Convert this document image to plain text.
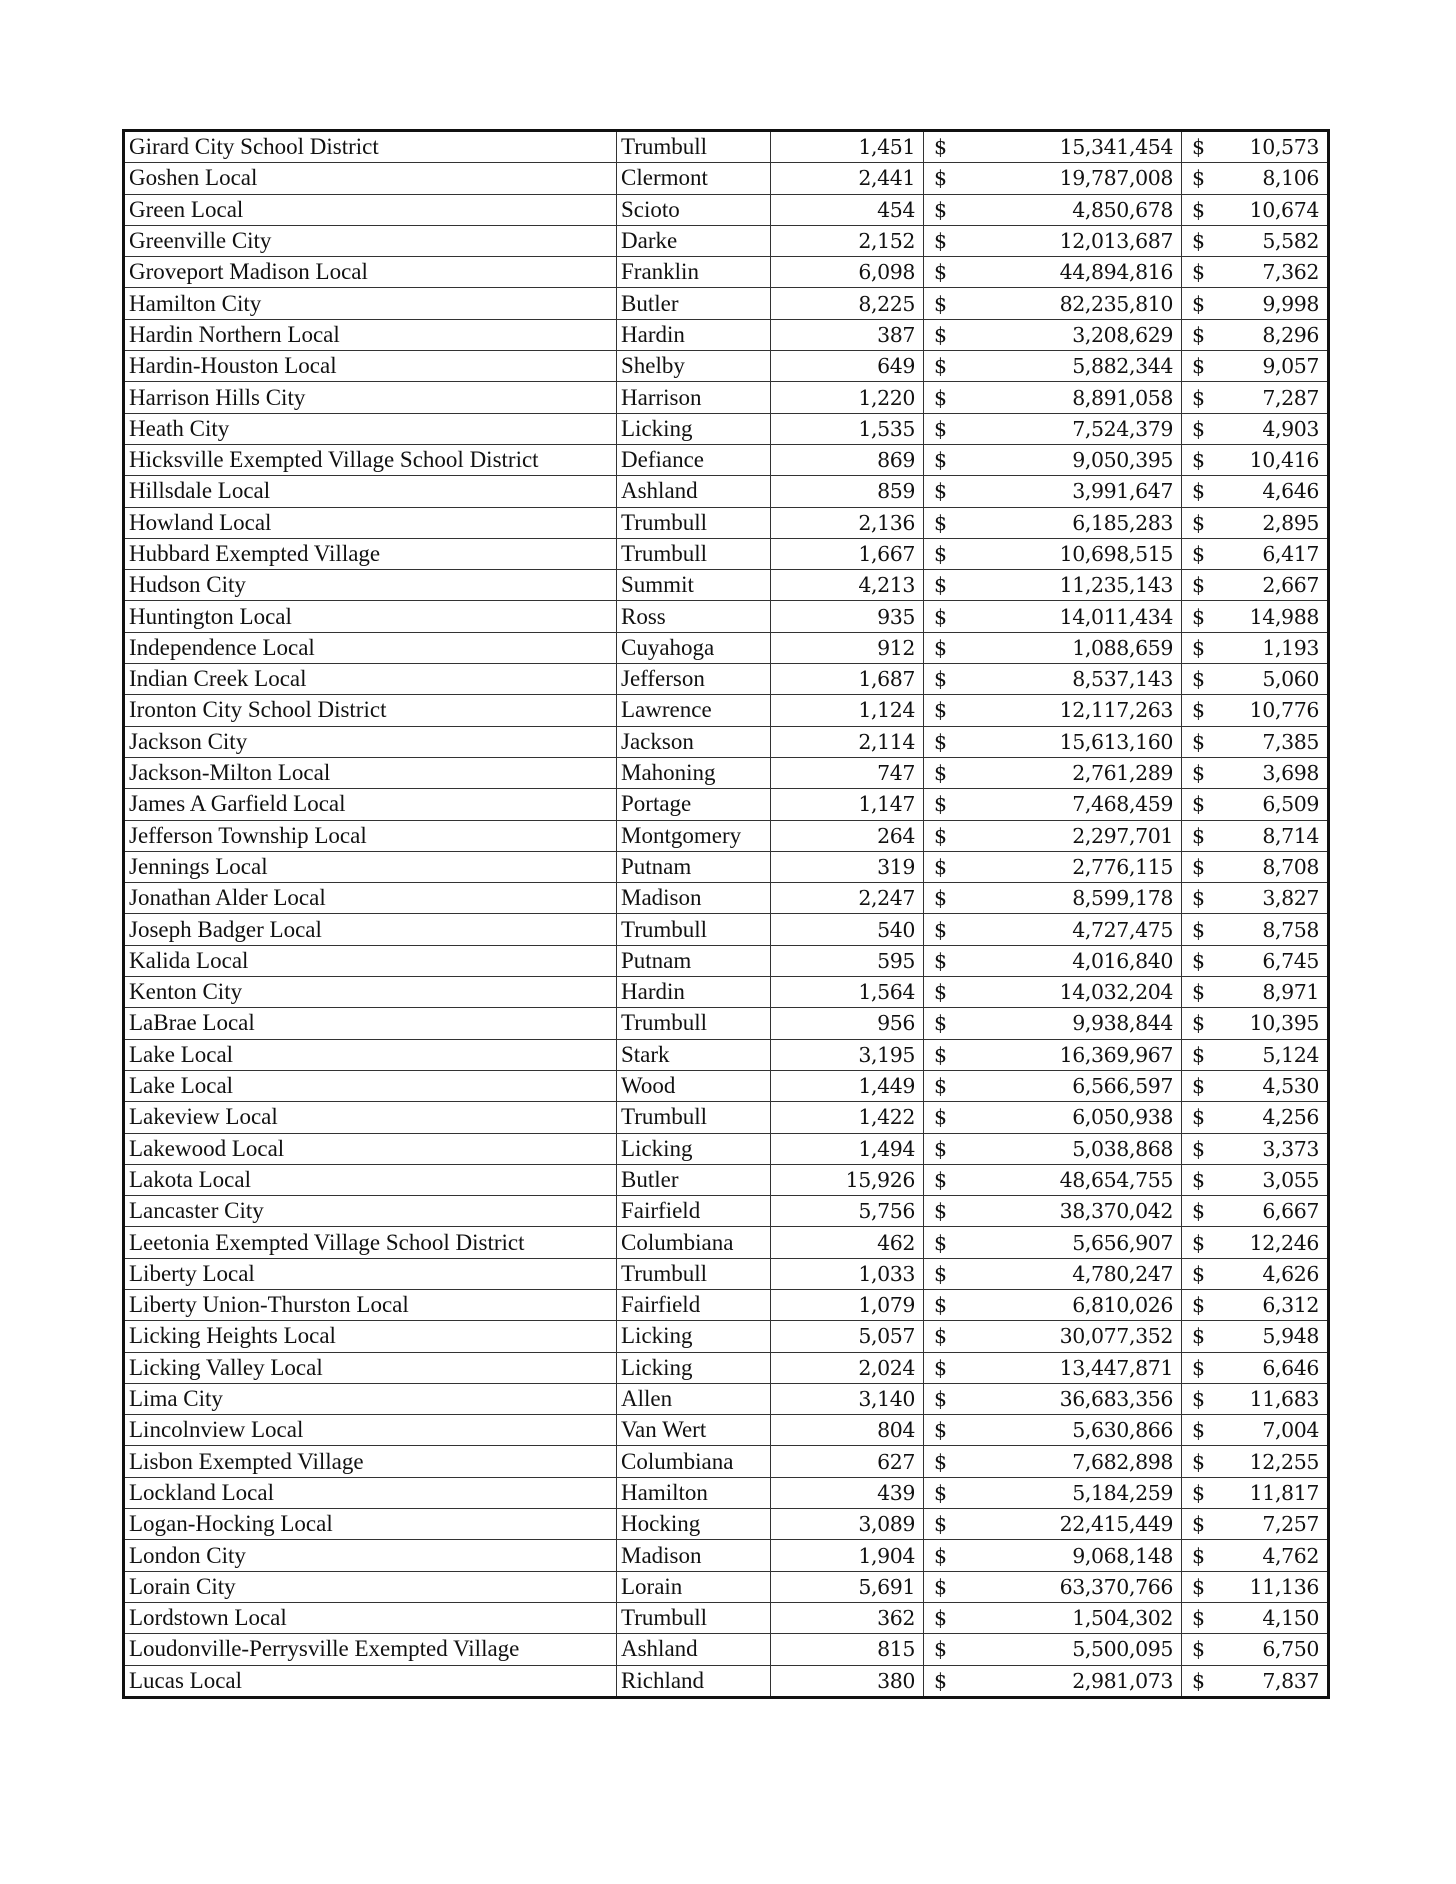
Girard City School District	Trumbull	1,451	$	15,341,454	$	10,573
Goshen Local	Clermont	2,441	$	19,787,008	$	8,106
Green Local	Scioto	454	$	4,850,678	$	10,674
Greenville City	Darke	2,152	$	12,013,687	$	5,582
Groveport Madison Local	Franklin	6,098	$	44,894,816	$	7,362
Hamilton City	Butler	8,225	$	82,235,810	$	9,998
Hardin Northern Local	Hardin	387	$	3,208,629	$	8,296
Hardin-Houston Local	Shelby	649	$	5,882,344	$	9,057
Harrison Hills City	Harrison	1,220	$	8,891,058	$	7,287
Heath City	Licking	1,535	$	7,524,379	$	4,903
Hicksville Exempted Village School District	Defiance	869	$	9,050,395	$	10,416
Hillsdale Local	Ashland	859	$	3,991,647	$	4,646
Howland Local	Trumbull	2,136	$	6,185,283	$	2,895
Hubbard Exempted Village	Trumbull	1,667	$	10,698,515	$	6,417
Hudson City	Summit	4,213	$	11,235,143	$	2,667
Huntington Local	Ross	935	$	14,011,434	$	14,988
Independence Local	Cuyahoga	912	$	1,088,659	$	1,193
Indian Creek Local	Jefferson	1,687	$	8,537,143	$	5,060
Ironton City School District	Lawrence	1,124	$	12,117,263	$	10,776
Jackson City	Jackson	2,114	$	15,613,160	$	7,385
Jackson-Milton Local	Mahoning	747	$	2,761,289	$	3,698
James A Garfield Local	Portage	1,147	$	7,468,459	$	6,509
Jefferson Township Local	Montgomery	264	$	2,297,701	$	8,714
Jennings Local	Putnam	319	$	2,776,115	$	8,708
Jonathan Alder Local	Madison	2,247	$	8,599,178	$	3,827
Joseph Badger Local	Trumbull	540	$	4,727,475	$	8,758
Kalida Local	Putnam	595	$	4,016,840	$	6,745
Kenton City	Hardin	1,564	$	14,032,204	$	8,971
LaBrae Local	Trumbull	956	$	9,938,844	$	10,395
Lake Local	Stark	3,195	$	16,369,967	$	5,124
Lake Local	Wood	1,449	$	6,566,597	$	4,530
Lakeview Local	Trumbull	1,422	$	6,050,938	$	4,256
Lakewood Local	Licking	1,494	$	5,038,868	$	3,373
Lakota Local	Butler	15,926	$	48,654,755	$	3,055
Lancaster City	Fairfield	5,756	$	38,370,042	$	6,667
Leetonia Exempted Village School District	Columbiana	462	$	5,656,907	$	12,246
Liberty Local	Trumbull	1,033	$	4,780,247	$	4,626
Liberty Union-Thurston Local	Fairfield	1,079	$	6,810,026	$	6,312
Licking Heights Local	Licking	5,057	$	30,077,352	$	5,948
Licking Valley Local	Licking	2,024	$	13,447,871	$	6,646
Lima City	Allen	3,140	$	36,683,356	$	11,683
Lincolnview Local	Van Wert	804	$	5,630,866	$	7,004
Lisbon Exempted Village	Columbiana	627	$	7,682,898	$	12,255
Lockland Local	Hamilton	439	$	5,184,259	$	11,817
Logan-Hocking Local	Hocking	3,089	$	22,415,449	$	7,257
London City	Madison	1,904	$	9,068,148	$	4,762
Lorain City	Lorain	5,691	$	63,370,766	$	11,136
Lordstown Local	Trumbull	362	$	1,504,302	$	4,150
Loudonville-Perrysville Exempted Village	Ashland	815	$	5,500,095	$	6,750
Lucas Local	Richland	380	$	2,981,073	$	7,837
